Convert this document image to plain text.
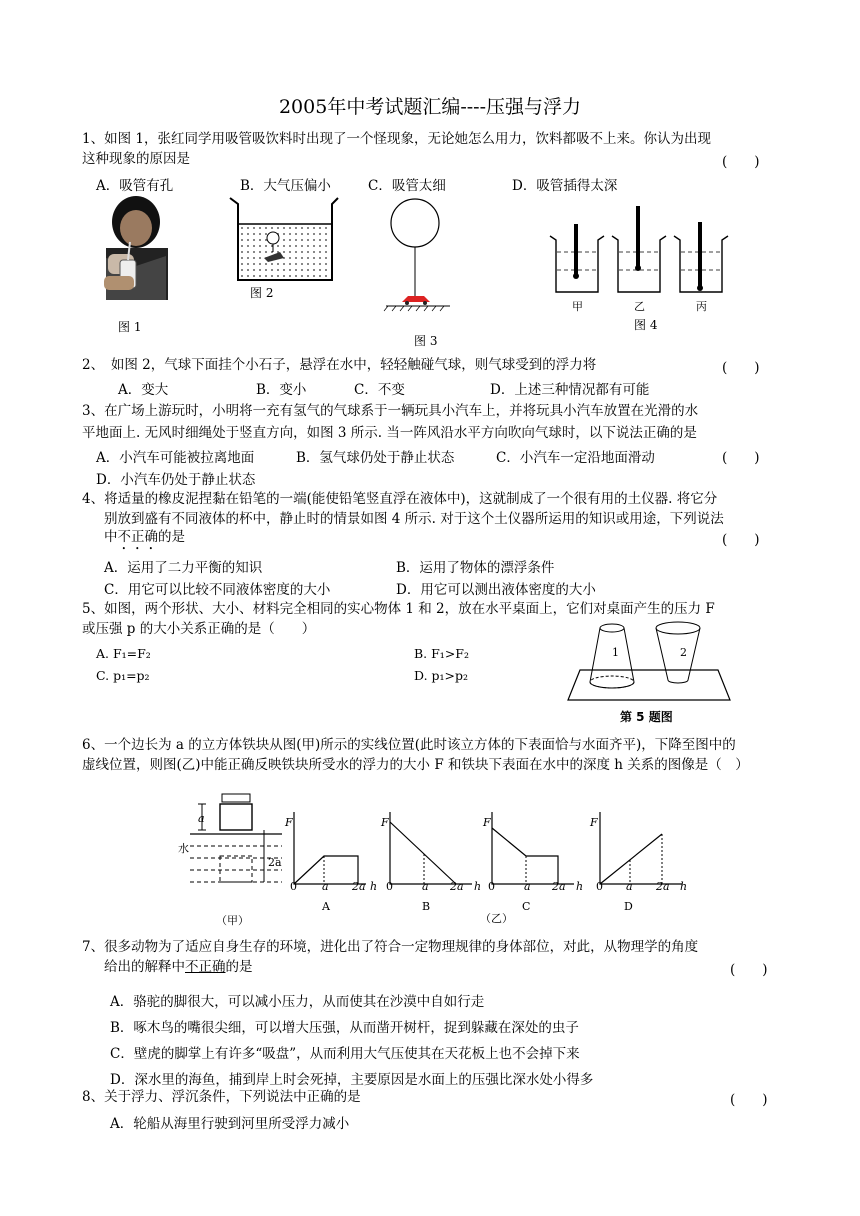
2005年中考试题汇编----压强与浮力
1、如图 1，张红同学用吸管吸饮料时出现了一个怪现象，无论她怎么用力，饮料都吸不上来。你认为出现
这种现象的原因是	(　　)
A．吸管有孔	B．大气压偏小	C．吸管太细	D．吸管插得太深
图 1
图 2
图 3
甲	乙	丙
图 4
2、　如图 2，气球下面挂个小石子，悬浮在水中，轻轻触碰气球，则气球受到的浮力将	(　　)
A．变大	B．变小	C．不变	D．上述三种情况都有可能
3、在广场上游玩时，小明将一充有氢气的气球系于一辆玩具小汽车上，并将玩具小汽车放置在光滑的水
平地面上. 无风时细绳处于竖直方向，如图 3 所示. 当一阵风沿水平方向吹向气球时，以下说法正确的是
A．小汽车可能被拉离地面	B．氢气球仍处于静止状态	C．小汽车一定沿地面滑动	(　　)
D．小汽车仍处于静止状态
4、将适量的橡皮泥捏黏在铅笔的一端(能使铅笔竖直浮在液体中)，这就制成了一个很有用的土仪器. 将它分
别放到盛有不同液体的杯中，静止时的情景如图 4 所示. 对于这个土仪器所运用的知识或用途，下列说法
中不正确的是	(　　)
A．运用了二力平衡的知识	B．运用了物体的漂浮条件
C．用它可以比较不同液体密度的大小	D．用它可以测出液体密度的大小
5、如图，两个形状、大小、材料完全相同的实心物体 1 和 2，放在水平桌面上，它们对桌面产生的压力 F
或压强 p 的大小关系正确的是（　　）
A. F₁=F₂	B. F₁>F₂
C. p₁=p₂	D. p₁>p₂
1	2
第 5 题图
6、一个边长为 a 的立方体铁块从图(甲)所示的实线位置(此时该立方体的下表面恰与水面齐平)，下降至图中的
虚线位置，则图(乙)中能正确反映铁块所受水的浮力的大小 F 和铁块下表面在水中的深度 h 关系的图像是（　）
a
水
2a
（甲）
F	F	F	F
0 a 2a h 0	a 2a h 0	a 2a h 0 a 2a h
A	B	C	D
（乙）
7、很多动物为了适应自身生存的环境，进化出了符合一定物理规律的身体部位，对此，从物理学的角度
给出的解释中不正确的是	(　　)
A．骆驼的脚很大，可以减小压力，从而使其在沙漠中自如行走
B．啄木鸟的嘴很尖细，可以增大压强，从而凿开树杆，捉到躲藏在深处的虫子
C．壁虎的脚掌上有许多“吸盘”，从而利用大气压使其在天花板上也不会掉下来
D．深水里的海鱼，捕到岸上时会死掉，主要原因是水面上的压强比深水处小得多
8、关于浮力、浮沉条件，下列说法中正确的是	(　　)
A．轮船从海里行驶到河里所受浮力减小
